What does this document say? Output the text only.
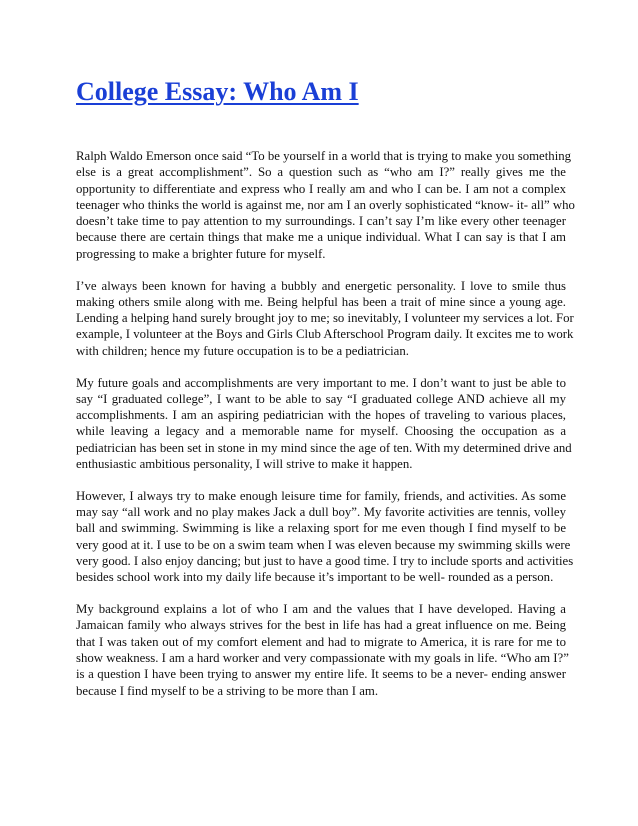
College Essay: Who Am I
Ralph Waldo Emerson once said “To be yourself in a world that is trying to make you something
else is a great accomplishment”. So a question such as “who am I?” really gives me the
opportunity to differentiate and express who I really am and who I can be. I am not a complex
teenager who thinks the world is against me, nor am I an overly sophisticated “know- it- all” who
doesn’t take time to pay attention to my surroundings. I can’t say I’m like every other teenager
because there are certain things that make me a unique individual. What I can say is that I am
progressing to make a brighter future for myself.
I’ve always been known for having a bubbly and energetic personality. I love to smile thus
making others smile along with me. Being helpful has been a trait of mine since a young age.
Lending a helping hand surely brought joy to me; so inevitably, I volunteer my services a lot. For
example, I volunteer at the Boys and Girls Club Afterschool Program daily. It excites me to work
with children; hence my future occupation is to be a pediatrician.
My future goals and accomplishments are very important to me. I don’t want to just be able to
say “I graduated college”, I want to be able to say “I graduated college AND achieve all my
accomplishments. I am an aspiring pediatrician with the hopes of traveling to various places,
while leaving a legacy and a memorable name for myself. Choosing the occupation as a
pediatrician has been set in stone in my mind since the age of ten. With my determined drive and
enthusiastic ambitious personality, I will strive to make it happen.
However, I always try to make enough leisure time for family, friends, and activities. As some
may say “all work and no play makes Jack a dull boy”. My favorite activities are tennis, volley
ball and swimming. Swimming is like a relaxing sport for me even though I find myself to be
very good at it. I use to be on a swim team when I was eleven because my swimming skills were
very good. I also enjoy dancing; but just to have a good time. I try to include sports and activities
besides school work into my daily life because it’s important to be well- rounded as a person.
My background explains a lot of who I am and the values that I have developed. Having a
Jamaican family who always strives for the best in life has had a great influence on me. Being
that I was taken out of my comfort element and had to migrate to America, it is rare for me to
show weakness. I am a hard worker and very compassionate with my goals in life. “Who am I?”
is a question I have been trying to answer my entire life. It seems to be a never- ending answer
because I find myself to be a striving to be more than I am.
